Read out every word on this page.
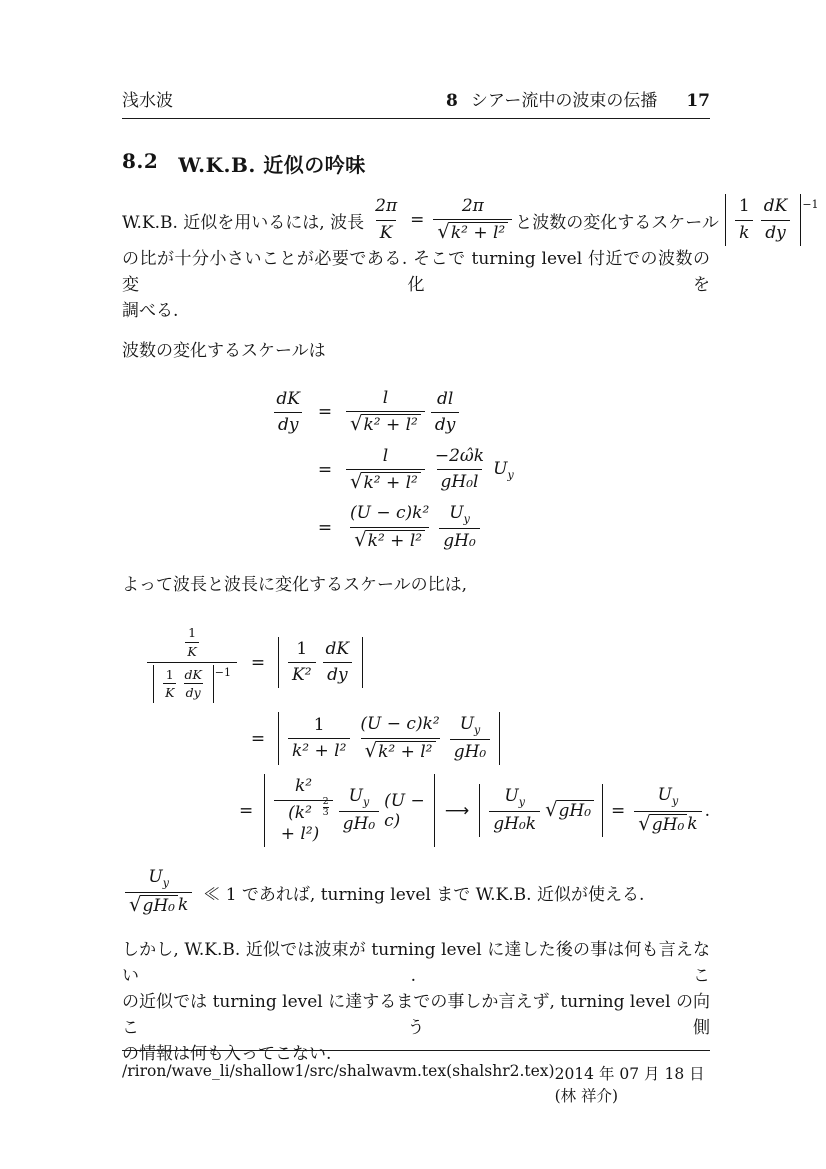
浅水波	8 シアー流中の波束の伝播 17
8.2 W.K.B. 近似の吟味
W.K.B. 近似を用いるには, 波長 $\frac{2\pi}{K} = \frac{2\pi}{\text{√ k² + l²}}$ と波数の変化するスケール $\frac{1}{k} \frac{dK}{dy} -1$
の比が十分小さいことが必要である. そこで turning level 付近での波数の変化を
調べる.
波数の変化するスケールは
$\frac{dK}{dy} = \frac{l}{\text{√ k² + l²}} \frac{dl}{dy}$
= $\frac{l}{\text{√ k² + l²}} \frac{-2\omegâk}{\text{gH₀l}} U_y$
= $\frac{\text{(U − c)k²}}{\text{√ k² + l²}} \frac{U_y}{\text{gH₀}}$
よって波長と波長に変化するスケールの比は,
$\frac{1}{K}$
$\frac{1}{K} \frac{dK}{dy} -1$	=	$\frac{1}{\text{K²}} \frac{dK}{dy}$
=	$\frac{1}{\text{k² + l²}} \frac{\text{(U − c)k²}}{\text{√ k² + l²}} \frac{U_y}{\text{gH₀}}$
=	k²
(k² + l²)
2
$3 \frac{U_y}{\text{gH₀}} (U - c)$	⟶ $\frac{U_y}{\text{gH₀k}}$ √ $gH_0 = \frac{U_y}{\text{√ gH₀ k}}$ .
$\frac{U_y}{\text{√ gH₀ k}}$ ≪ 1 であれば, turning level まで W.K.B. 近似が使える.
しかし, W.K.B. 近似では波束が turning level に達した後の事は何も言えない. こ
の近似では turning level に達するまでの事しか言えず, turning level の向こう側
の情報は何も入ってこない.
/riron/wave_li/shallow1/src/shalwavm.tex(shalshr2.tex) 2014 年 07 月 18 日 (林 祥介)
